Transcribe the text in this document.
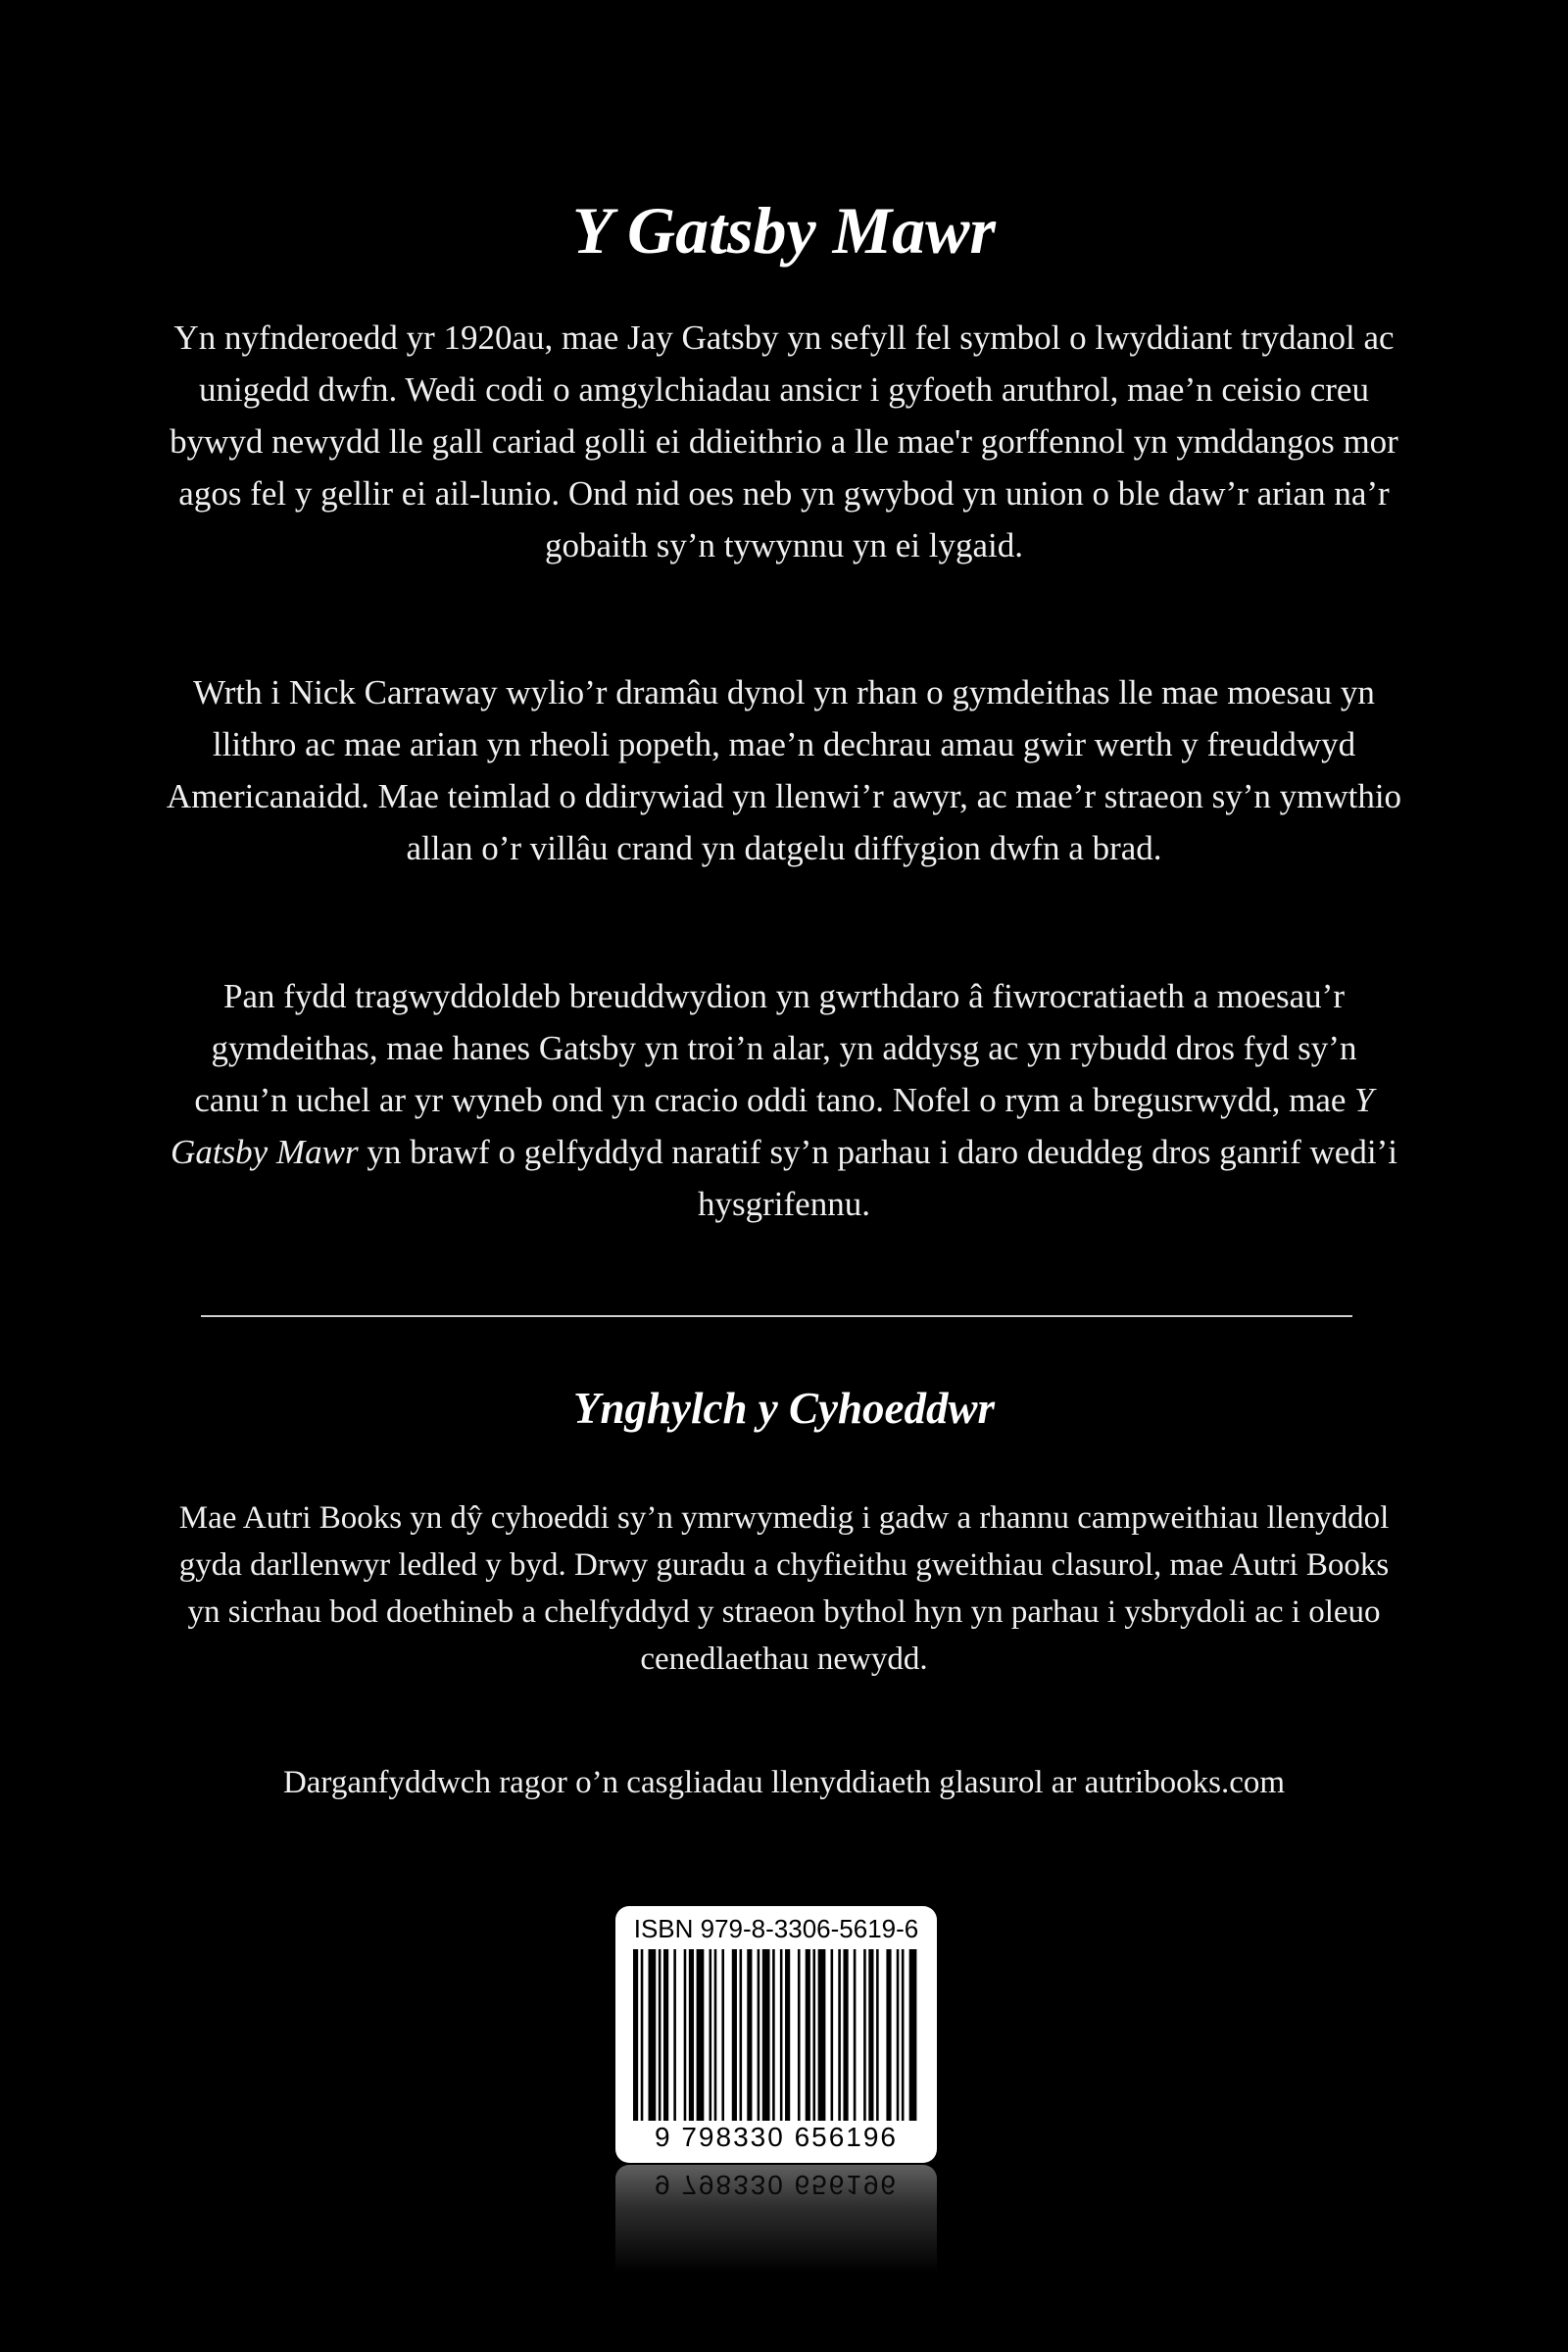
Y Gatsby Mawr

Yn nyfnderoedd yr 1920au, mae Jay Gatsby yn sefyll fel symbol o lwyddiant trydanol ac unigedd dwfn. Wedi codi o amgylchiadau ansicr i gyfoeth aruthrol, mae’n ceisio creu bywyd newydd lle gall cariad golli ei ddieithrio a lle mae'r gorffennol yn ymddangos mor agos fel y gellir ei ail-lunio. Ond nid oes neb yn gwybod yn union o ble daw’r arian na’r gobaith sy’n tywynnu yn ei lygaid.

Wrth i Nick Carraway wylio’r dramâu dynol yn rhan o gymdeithas lle mae moesau yn llithro ac mae arian yn rheoli popeth, mae’n dechrau amau gwir werth y freuddwyd Americanaidd. Mae teimlad o ddirywiad yn llenwi’r awyr, ac mae’r straeon sy’n ymwthio allan o’r villâu crand yn datgelu diffygion dwfn a brad.

Pan fydd tragwyddoldeb breuddwydion yn gwrthdaro â fiwrocratiaeth a moesau’r gymdeithas, mae hanes Gatsby yn troi’n alar, yn addysg ac yn rybudd dros fyd sy’n canu’n uchel ar yr wyneb ond yn cracio oddi tano. Nofel o rym a bregusrwydd, mae Y Gatsby Mawr yn brawf o gelfyddyd naratif sy’n parhau i daro deuddeg dros ganrif wedi’i hysgrifennu.

Ynghylch y Cyhoeddwr

Mae Autri Books yn dŷ cyhoeddi sy’n ymrwymedig i gadw a rhannu campweithiau llenyddol gyda darllenwyr ledled y byd. Drwy guradu a chyfieithu gweithiau clasurol, mae Autri Books yn sicrhau bod doethineb a chelfyddyd y straeon bythol hyn yn parhau i ysbrydoli ac i oleuo cenedlaethau newydd.

Darganfyddwch ragor o’n casgliadau llenyddiaeth glasurol ar autribooks.com

ISBN 979-8-3306-5619-6
9 798330 656196
9 798330 656196
